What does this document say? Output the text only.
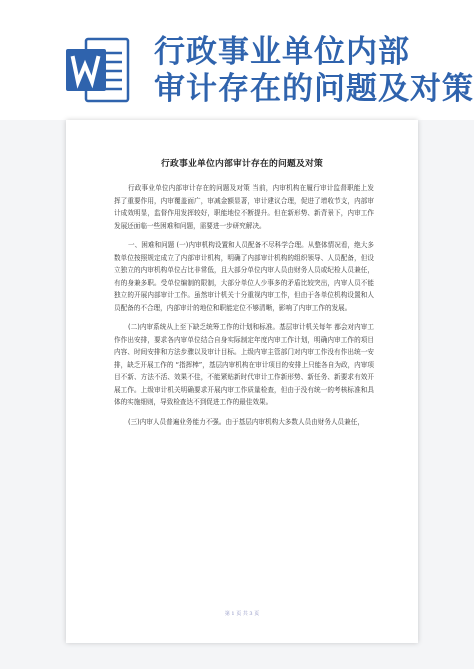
行政事业单位内部
审计存在的问题及对策
行政事业单位内部审计存在的问题及对策

行政事业单位内部审计存在的问题及对策 当前，内审机构在履行审计监督职能上发挥了重要作用，内审覆盖面广，审减金额显著，审计建议合理，促进了增收节支，内部审计成效明显，监督作用发挥较好，职能地位不断提升。但在新形势、新背景下，内审工作发展还面临一些困难和问题，需要进一步研究解决。

一、困难和问题 (一)内审机构设置和人员配备不尽科学合理。从整体情况看，绝大多数单位按照规定成立了内部审计机构，明确了内部审计机构的组织领导、人员配备，但设立独立的内审机构单位占比非常低，且大部分单位内审人员由财务人员或纪检人员兼任，有的身兼多职。受单位编制的限制，大部分单位人少事多的矛盾比较突出，内审人员不能独立的开展内部审计工作。虽然审计机关十分重视内审工作，但由于各单位机构设置和人员配备的不合理，内部审计的地位和职能定位不够清晰，影响了内审工作的发展。

(二)内审系统从上至下缺乏统筹工作的计划和标准。基层审计机关每年 都会对内审工作作出安排，要求各内审单位结合自身实际制定年度内审工作计划，明确内审工作的项目内容、时间安排和方法步骤以及审计目标。上级内审主管部门对内审工作没有作出统一安排，缺乏开展工作的 “指挥棒”，基层内审机构在审计项目的安排上只能各自为政，内审项目不新、方法不活、效果不佳，不能紧贴新时代审计工作新形势、新任务、新要求有效开展工作。上级审计机关明确要求开展内审工作质量检查，但由于没有统一的考核标准和具体的实施细则，导致检查达不到促进工作的最佳效果。

(三)内审人员普遍业务能力不强。由于基层内审机构大多数人员由财务人员兼任，

第 1 页 共 3 页
